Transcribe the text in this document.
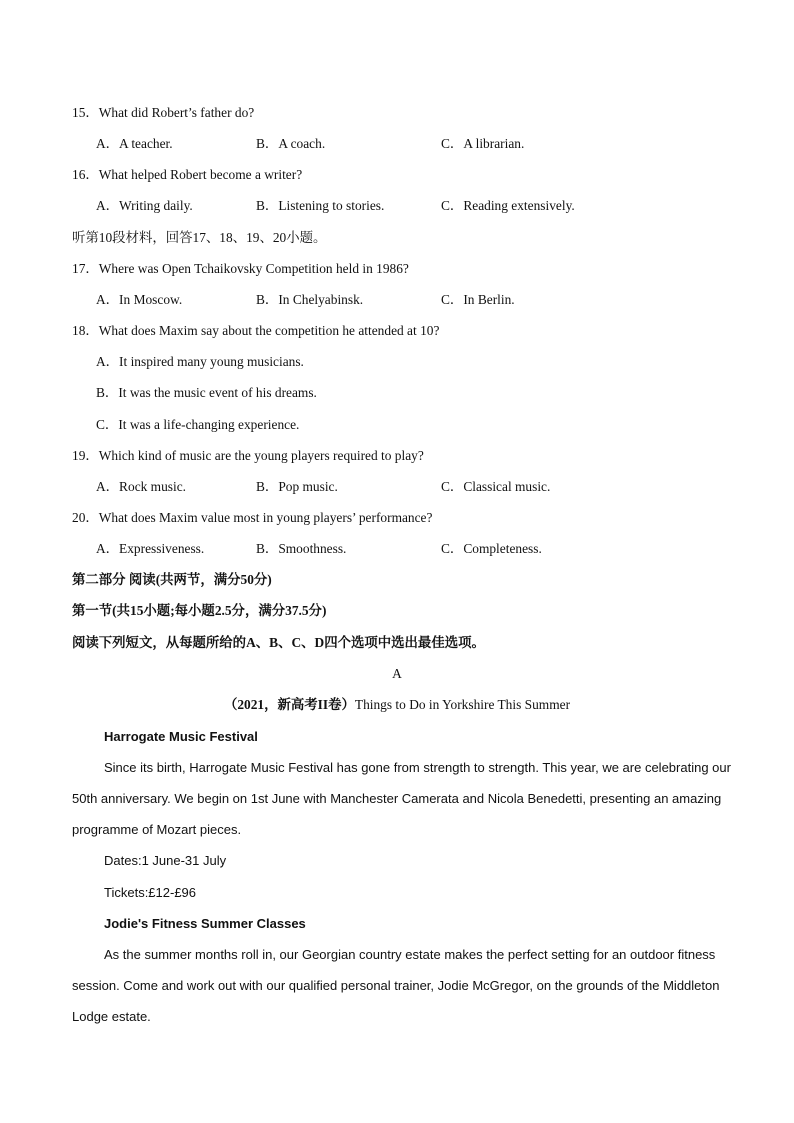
15．What did Robert’s father do?
A．A teacher.	B．A coach.	C．A librarian.
16．What helped Robert become a writer?
A．Writing daily.	B．Listening to stories.	C．Reading extensively.
听第10段材料，回答17、18、19、20小题。
17．Where was Open Tchaikovsky Competition held in 1986?
A．In Moscow.	B．In Chelyabinsk.	C．In Berlin.
18．What does Maxim say about the competition he attended at 10?
A．It inspired many young musicians.
B．It was the music event of his dreams.
C．It was a life-changing experience.
19．Which kind of music are the young players required to play?
A．Rock music.	B．Pop music.	C．Classical music.
20．What does Maxim value most in young players’ performance?
A．Expressiveness.	B．Smoothness.	C．Completeness.
第二部分 阅读(共两节，满分50分)
第一节(共15小题;每小题2.5分，满分37.5分)
阅读下列短文，从每题所给的A、B、C、D四个选项中选出最佳选项。
A
（2021，新高考II卷）Things to Do in Yorkshire This Summer
Harrogate Music Festival
Since its birth, Harrogate Music Festival has gone from strength to strength. This year, we are celebrating our
50th anniversary. We begin on 1st June with Manchester Camerata and Nicola Benedetti, presenting an amazing
programme of Mozart pieces.
Dates:1 June-31 July
Tickets:£12-£96
Jodie's Fitness Summer Classes
As the summer months roll in, our Georgian country estate makes the perfect setting for an outdoor fitness
session. Come and work out with our qualified personal trainer, Jodie McGregor, on the grounds of the Middleton
Lodge estate.
